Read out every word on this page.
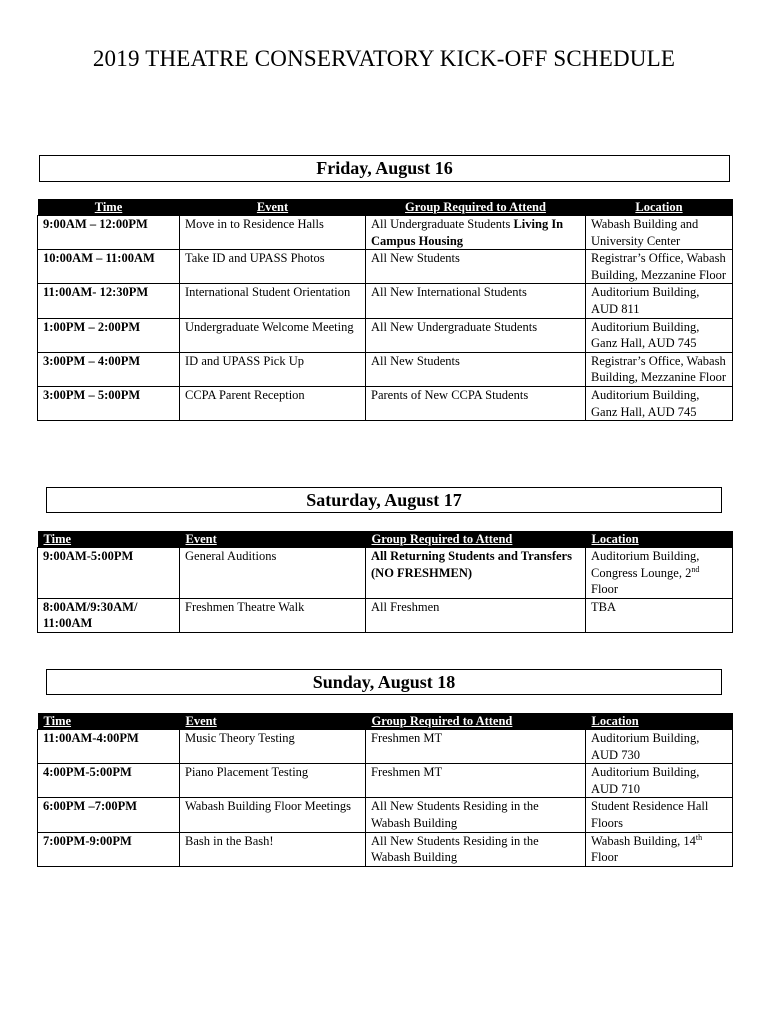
2019 THEATRE CONSERVATORY KICK-OFF SCHEDULE
Friday, August 16
Time	Event	Group Required to Attend	Location
9:00AM – 12:00PM	Move in to Residence Halls	All Undergraduate Students Living In Campus Housing	Wabash Building and University Center
10:00AM – 11:00AM	Take ID and UPASS Photos	All New Students	Registrar’s Office, Wabash Building, Mezzanine Floor
11:00AM- 12:30PM	International Student Orientation	All New International Students	Auditorium Building, AUD 811
1:00PM – 2:00PM	Undergraduate Welcome Meeting	All New Undergraduate Students	Auditorium Building, Ganz Hall, AUD 745
3:00PM – 4:00PM	ID and UPASS Pick Up	All New Students	Registrar’s Office, Wabash Building, Mezzanine Floor
3:00PM – 5:00PM	CCPA Parent Reception	Parents of New CCPA Students	Auditorium Building, Ganz Hall, AUD 745
Saturday, August 17
Time	Event	Group Required to Attend	Location
9:00AM-5:00PM	General Auditions	All Returning Students and Transfers (NO FRESHMEN)	Auditorium Building, Congress Lounge, 2nd Floor
8:00AM/9:30AM/ 11:00AM	Freshmen Theatre Walk	All Freshmen	TBA
Sunday, August 18
Time	Event	Group Required to Attend	Location
11:00AM-4:00PM	Music Theory Testing	Freshmen MT	Auditorium Building, AUD 730
4:00PM-5:00PM	Piano Placement Testing	Freshmen MT	Auditorium Building, AUD 710
6:00PM –7:00PM	Wabash Building Floor Meetings	All New Students Residing in the Wabash Building	Student Residence Hall Floors
7:00PM-9:00PM	Bash in the Bash!	All New Students Residing in the Wabash Building	Wabash Building, 14th Floor
